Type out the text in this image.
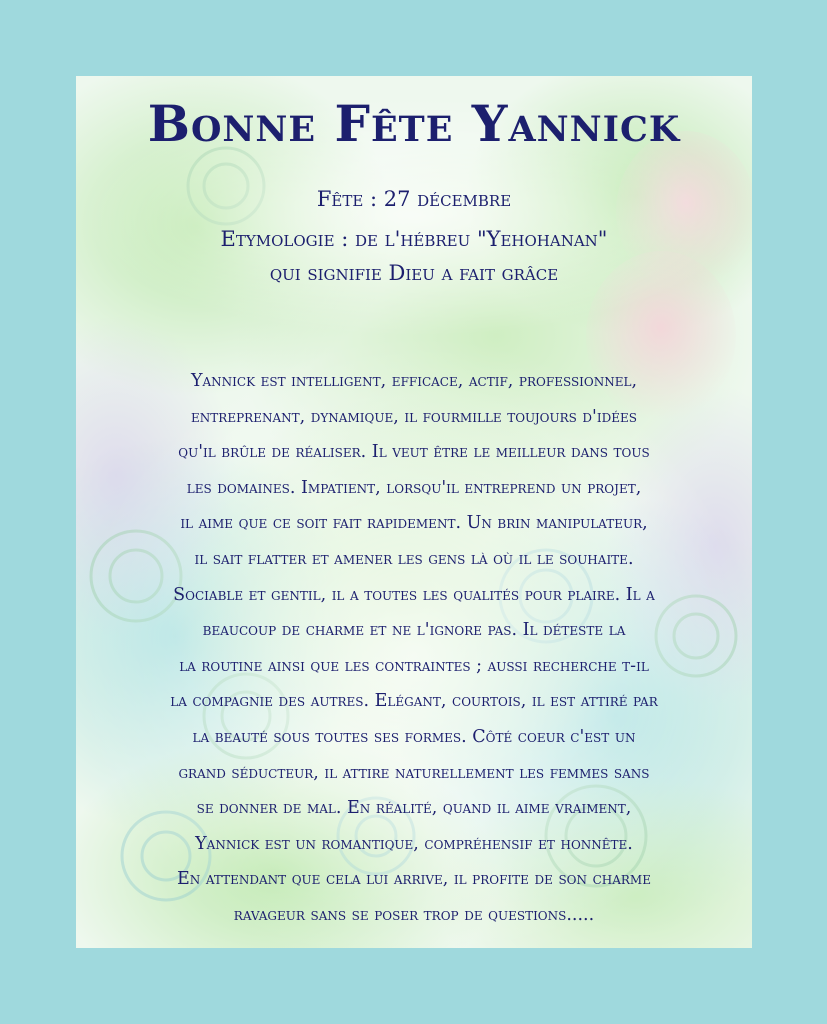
Bonne Fête Yannick
Fête : 27 décembre
Etymologie : de l'hébreu "Yehohanan"
qui signifie Dieu a fait grâce
Yannick est intelligent, efficace, actif, professionnel,
entreprenant, dynamique, il fourmille toujours d'idées
qu'il brûle de réaliser. Il veut être le meilleur dans tous
les domaines. Impatient, lorsqu'il entreprend un projet,
il aime que ce soit fait rapidement. Un brin manipulateur,
il sait flatter et amener les gens là où il le souhaite.
Sociable et gentil, il a toutes les qualités pour plaire. Il a
beaucoup de charme et ne l'ignore pas. Il déteste la
la routine ainsi que les contraintes ; aussi recherche t-il
la compagnie des autres. Elégant, courtois, il est attiré par
la beauté sous toutes ses formes. Côté coeur c'est un
grand séducteur, il attire naturellement les femmes sans
se donner de mal. En réalité, quand il aime vraiment,
Yannick est un romantique, compréhensif et honnête.
En attendant que cela lui arrive, il profite de son charme
ravageur sans se poser trop de questions.....
